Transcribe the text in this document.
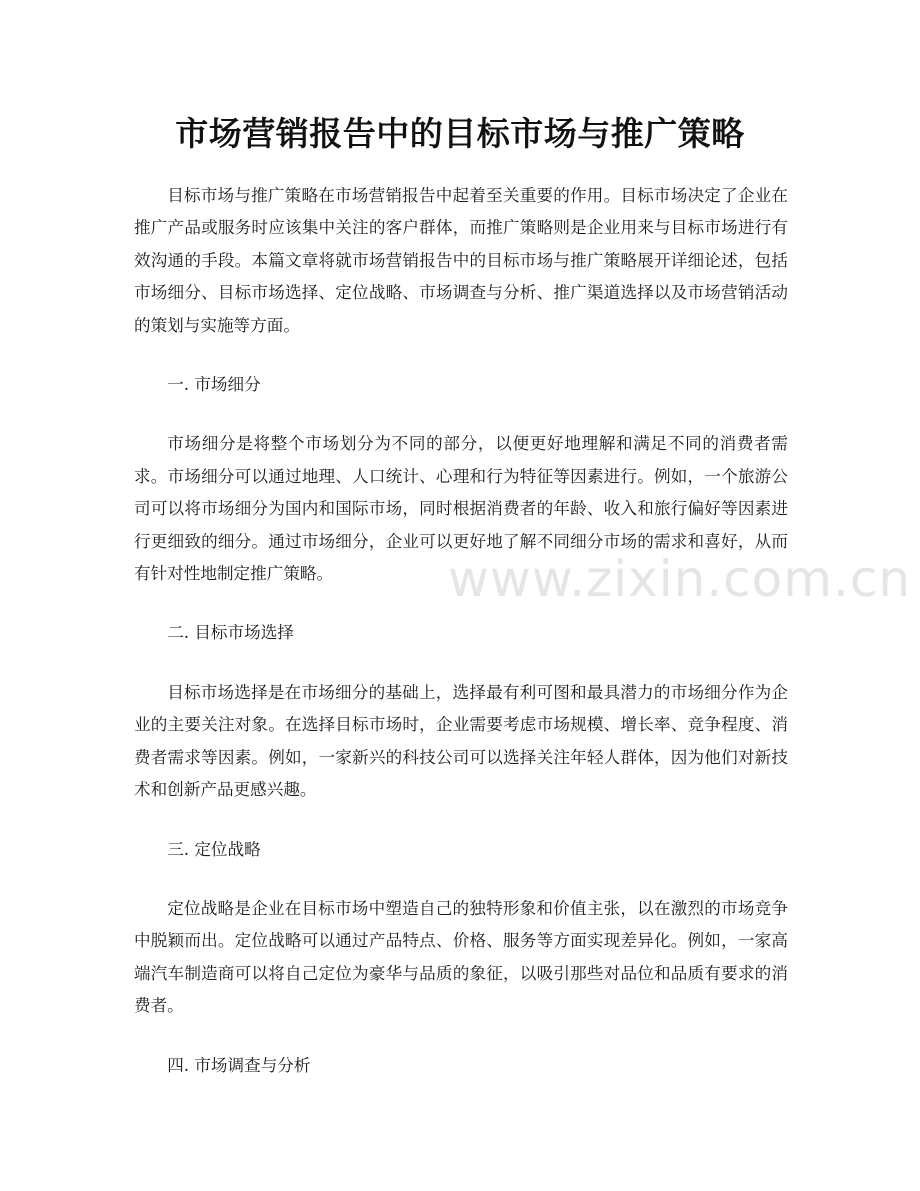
市场营销报告中的目标市场与推广策略

目标市场与推广策略在市场营销报告中起着至关重要的作用。目标市场决定了企业在推广产品或服务时应该集中关注的客户群体，而推广策略则是企业用来与目标市场进行有效沟通的手段。本篇文章将就市场营销报告中的目标市场与推广策略展开详细论述，包括市场细分、目标市场选择、定位战略、市场调查与分析、推广渠道选择以及市场营销活动的策划与实施等方面。

一. 市场细分

市场细分是将整个市场划分为不同的部分，以便更好地理解和满足不同的消费者需求。市场细分可以通过地理、人口统计、心理和行为特征等因素进行。例如，一个旅游公司可以将市场细分为国内和国际市场，同时根据消费者的年龄、收入和旅行偏好等因素进行更细致的细分。通过市场细分，企业可以更好地了解不同细分市场的需求和喜好，从而有针对性地制定推广策略。

二. 目标市场选择

目标市场选择是在市场细分的基础上，选择最有利可图和最具潜力的市场细分作为企业的主要关注对象。在选择目标市场时，企业需要考虑市场规模、增长率、竞争程度、消费者需求等因素。例如，一家新兴的科技公司可以选择关注年轻人群体，因为他们对新技术和创新产品更感兴趣。

三. 定位战略

定位战略是企业在目标市场中塑造自己的独特形象和价值主张，以在激烈的市场竞争中脱颖而出。定位战略可以通过产品特点、价格、服务等方面实现差异化。例如，一家高端汽车制造商可以将自己定位为豪华与品质的象征，以吸引那些对品位和品质有要求的消费者。

四. 市场调查与分析

www.zixin.com.cn
